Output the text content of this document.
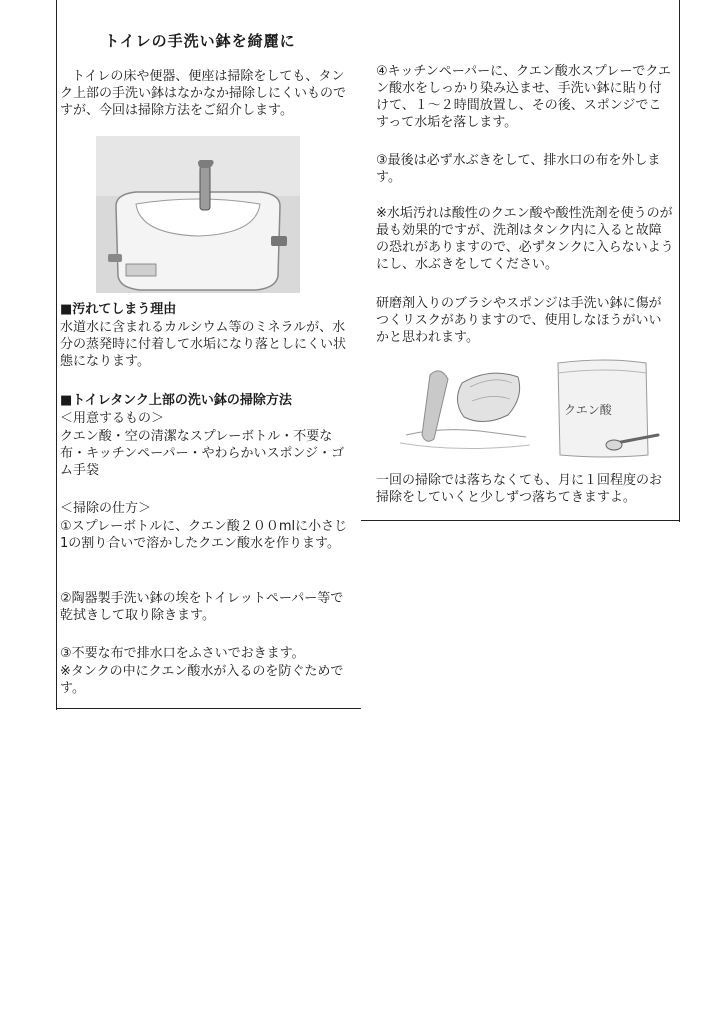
トイレの手洗い鉢を綺麗に

トイレの床や便器、便座は掃除をしても、タンク上部の手洗い鉢はなかなか掃除しにくいものですが、今回は掃除方法をご紹介します。

■汚れてしまう理由

水道水に含まれるカルシウム等のミネラルが、水分の蒸発時に付着して水垢になり落としにくい状態になります。

■トイレタンク上部の洗い鉢の掃除方法

＜用意するもの＞

クエン酸・空の清潔なスプレーボトル・不要な布・キッチンペーパー・やわらかいスポンジ・ゴム手袋

＜掃除の仕方＞

①スプレーボトルに、クエン酸２００mlに小さじ1の割り合いで溶かしたクエン酸水を作ります。

②陶器製手洗い鉢の埃をトイレットペーパー等で乾拭きして取り除きます。

③不要な布で排水口をふさいでおきます。

※タンクの中にクエン酸水が入るのを防ぐためです。

④キッチンペーパーに、クエン酸水スプレーでクエン酸水をしっかり染み込ませ、手洗い鉢に貼り付けて、１～２時間放置し、その後、スポンジでこすって水垢を落します。

③最後は必ず水ぶきをして、排水口の布を外します。

※水垢汚れは酸性のクエン酸や酸性洗剤を使うのが最も効果的ですが、洗剤はタンク内に入ると故障の恐れがありますので、必ずタンクに入らないようにし、水ぶきをしてください。

研磨剤入りのブラシやスポンジは手洗い鉢に傷がつくリスクがありますので、使用しなほうがいいかと思われます。

クエン酸

一回の掃除では落ちなくても、月に１回程度のお掃除をしていくと少しずつ落ちてきますよ。
